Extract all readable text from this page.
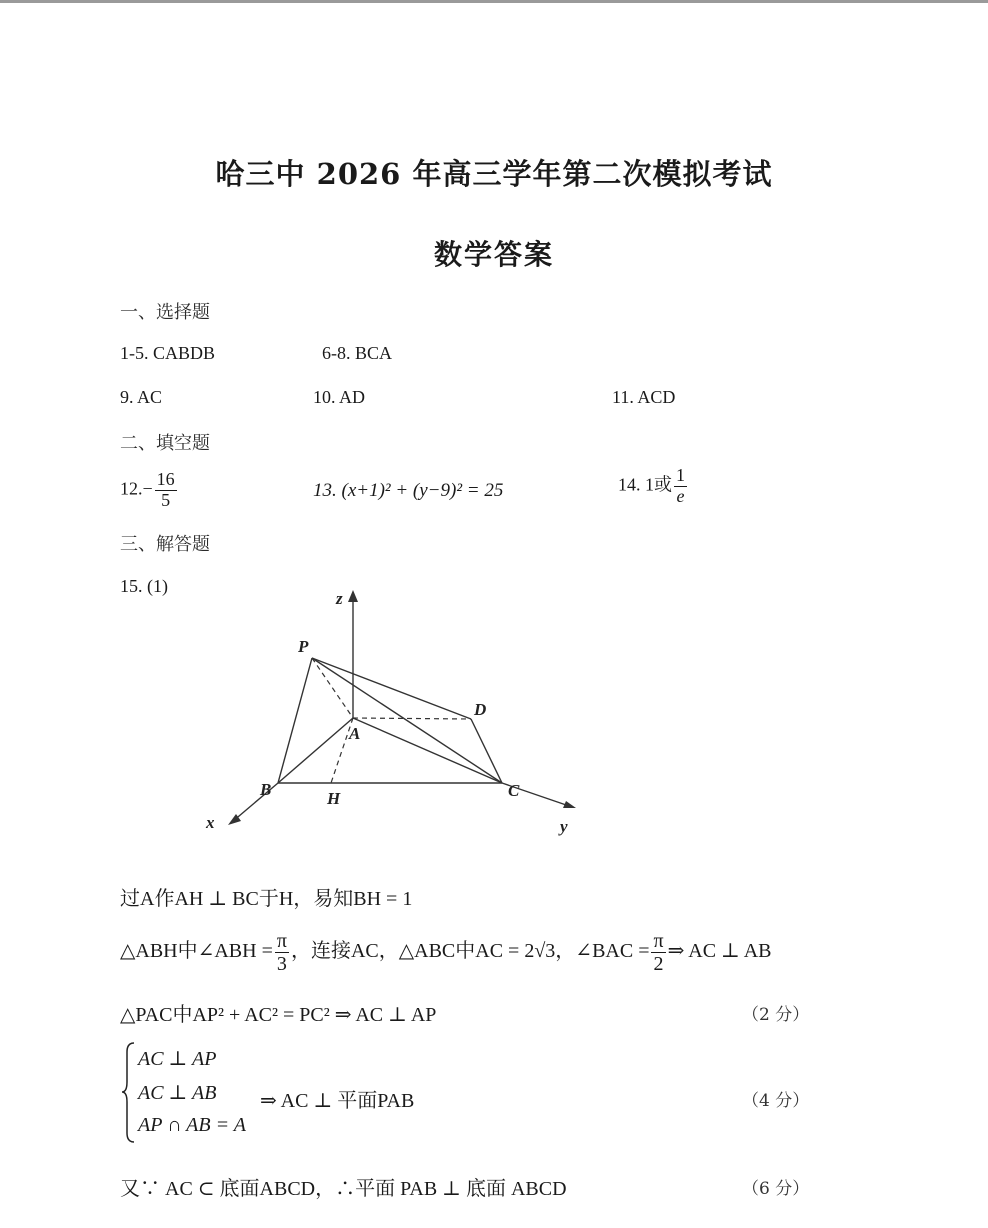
哈三中 2026 年高三学年第二次模拟考试
数学答案
一、选择题
1-5. CABDB	6-8. BCA
9. AC	10. AD	11. ACD
二、填空题
$12.- \frac{16}{5}$	13. (x+1)² + (y−9)² = 25	14. 1或 $\frac{1}{e}$
三、解答题
15. (1)
z
P
D
A
B	H	C
x	y
过A作AH ⊥ BC于H，易知BH = 1
△ABH中∠ABH = $\frac{\pi}{3}$ ，连接AC，△ABC中AC = 2√3，∠BAC = $\frac{\pi}{2}$ ⇒ AC ⊥ AB
△PAC中AP² + AC² = PC² ⇒ AC ⊥ AP	（2 分）
AC ⊥ AP
AC ⊥ AB
AP ∩ AB = A
⇒ AC ⊥ 平面PAB	（4 分）
又∵ AC ⊂ 底面ABCD，∴平面 PAB ⊥ 底面 ABCD	（6 分）
